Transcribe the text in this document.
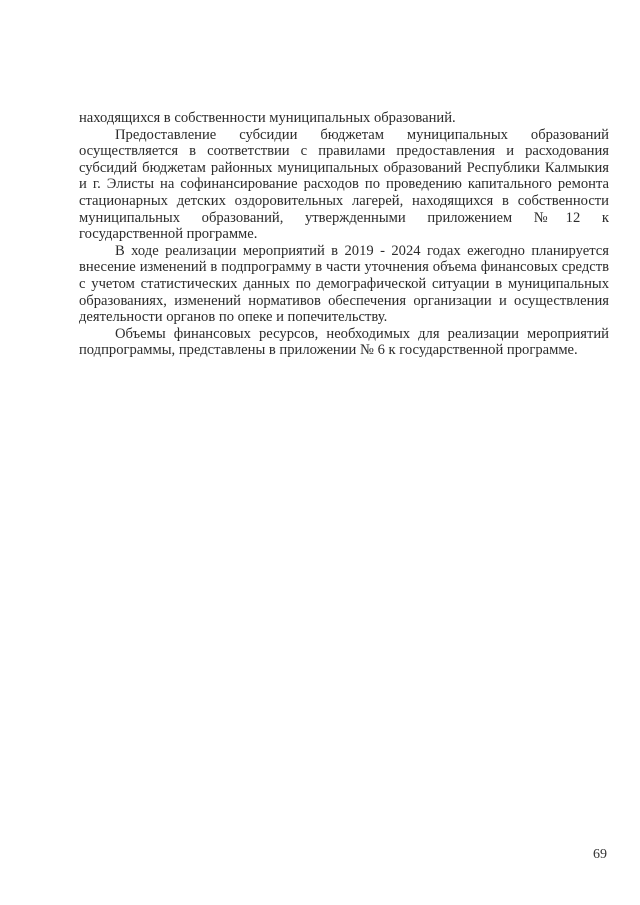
находящихся в собственности муниципальных образований.

Предоставление субсидии бюджетам муниципальных образований
осуществляется в соответствии с правилами предоставления и расходования
субсидий бюджетам районных муниципальных образований Республики Калмыкия
и г. Элисты на софинансирование расходов по проведению капитального ремонта
стационарных детских оздоровительных лагерей, находящихся в собственности
муниципальных образований, утвержденными приложением №12 к
государственной программе.

В ходе реализации мероприятий в 2019 - 2024 годах ежегодно планируется
внесение изменений в подпрограмму в части уточнения объема финансовых средств
с учетом статистических данных по демографической ситуации в муниципальных
образованиях, изменений нормативов обеспечения организации и осуществления
деятельности органов по опеке и попечительству.

Объемы финансовых ресурсов, необходимых для реализации мероприятий
подпрограммы, представлены в приложении № 6 к государственной программе.

69
